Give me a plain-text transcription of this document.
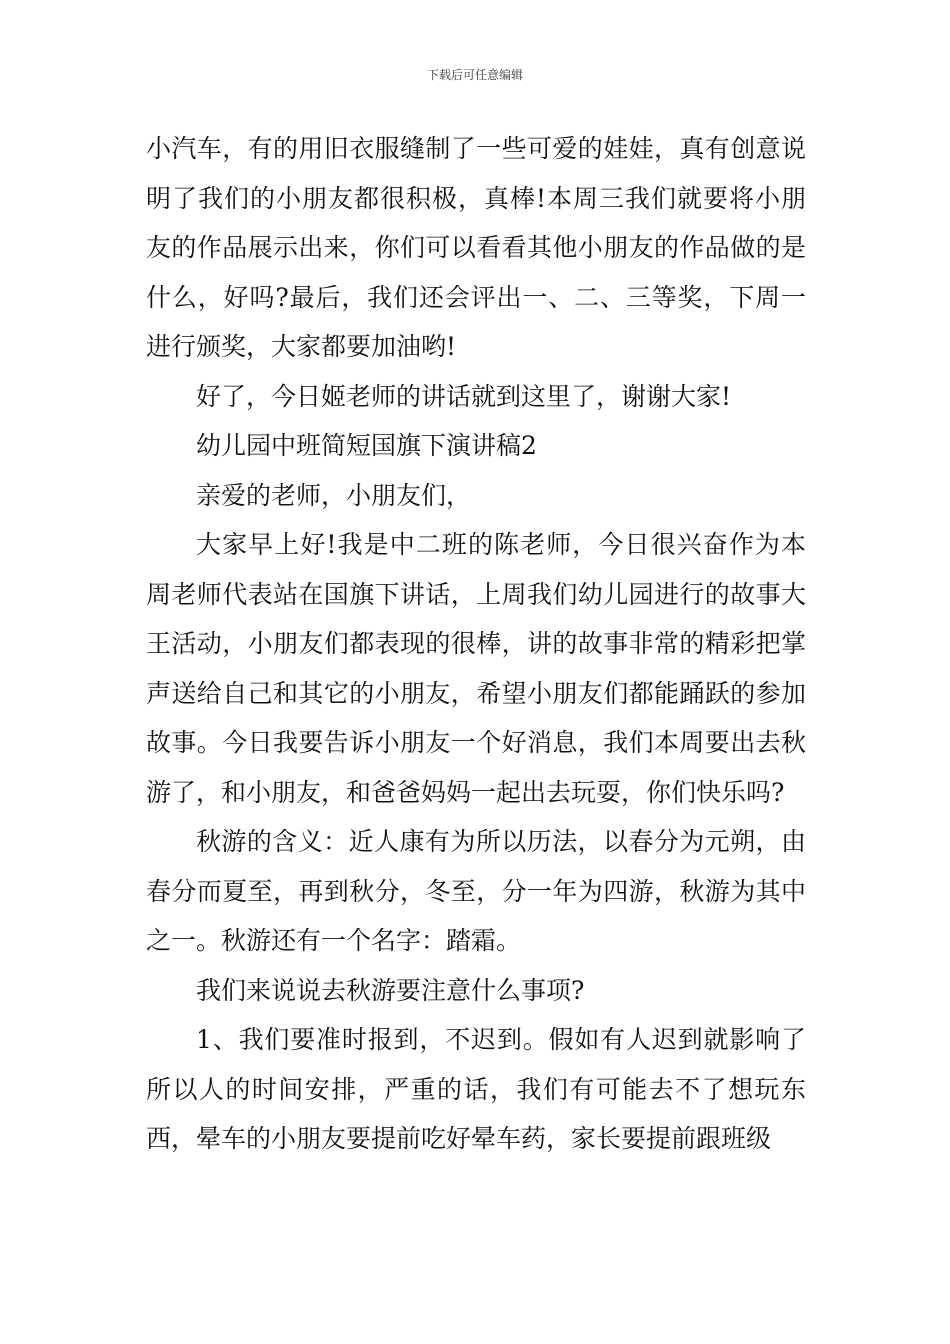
下载后可任意编辑

小汽车，有的用旧衣服缝制了一些可爱的娃娃，真有创意说明了我们的小朋友都很积极，真棒!本周三我们就要将小朋友的作品展示出来，你们可以看看其他小朋友的作品做的是什么，好吗?最后，我们还会评出一、二、三等奖，下周一进行颁奖，大家都要加油哟!

好了，今日姬老师的讲话就到这里了，谢谢大家!

幼儿园中班简短国旗下演讲稿2

亲爱的老师，小朋友们，

大家早上好!我是中二班的陈老师，今日很兴奋作为本周老师代表站在国旗下讲话，上周我们幼儿园进行的故事大王活动，小朋友们都表现的很棒，讲的故事非常的精彩把掌声送给自己和其它的小朋友，希望小朋友们都能踊跃的参加故事。今日我要告诉小朋友一个好消息，我们本周要出去秋游了，和小朋友，和爸爸妈妈一起出去玩耍，你们快乐吗?

秋游的含义：近人康有为所以历法，以春分为元朔，由春分而夏至，再到秋分，冬至，分一年为四游，秋游为其中之一。秋游还有一个名字：踏霜。

我们来说说去秋游要注意什么事项?

1、我们要准时报到，不迟到。假如有人迟到就影响了所以人的时间安排，严重的话，我们有可能去不了想玩东西，晕车的小朋友要提前吃好晕车药，家长要提前跟班级
